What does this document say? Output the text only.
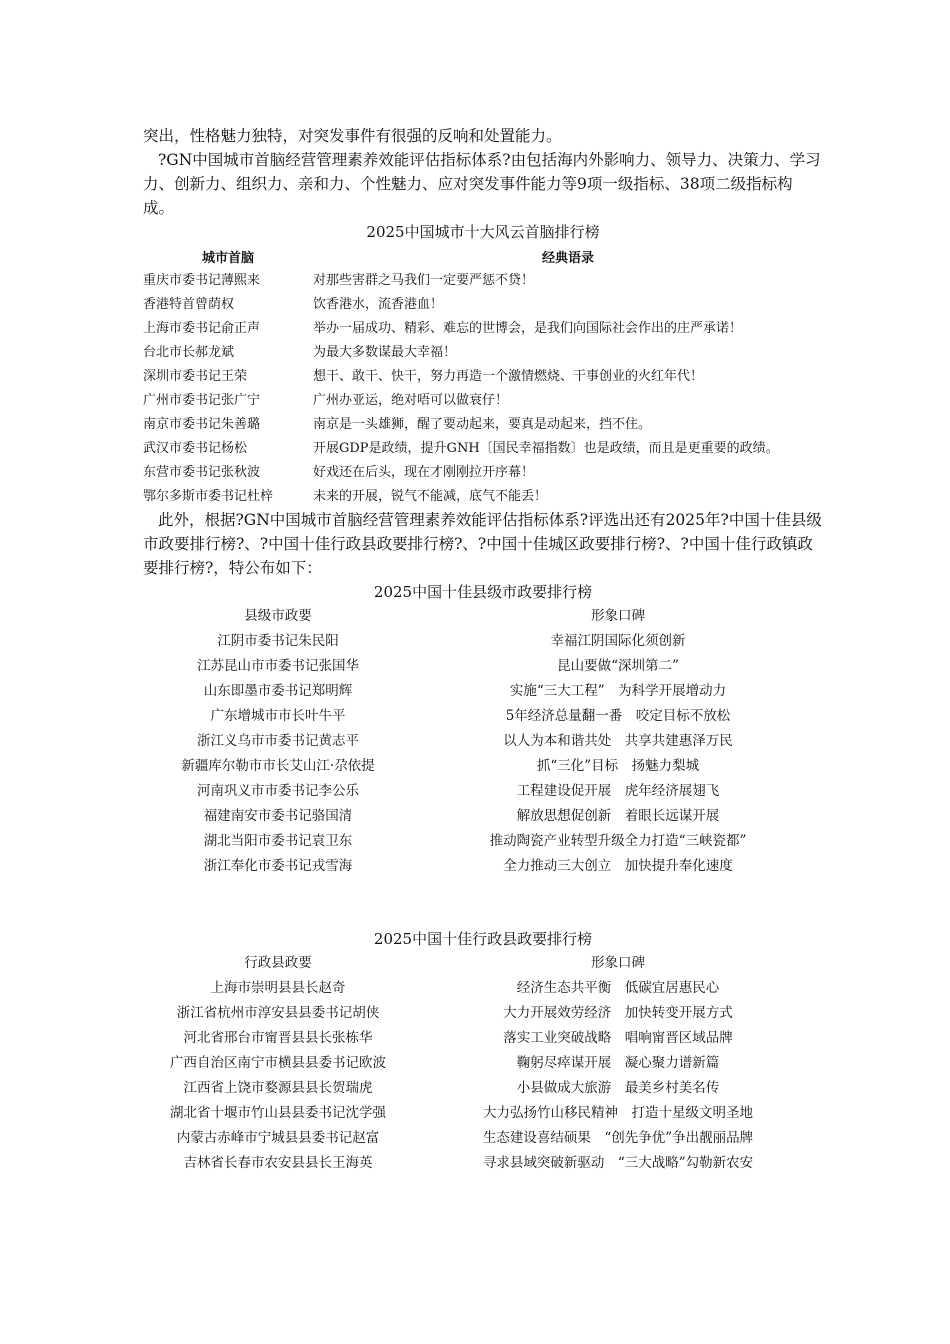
突出，性格魅力独特，对突发事件有很强的反响和处置能力。

?GN中国城市首脑经营管理素养效能评估指标体系?由包括海内外影响力、领导力、决策力、学习力、创新力、组织力、亲和力、个性魅力、应对突发事件能力等9项一级指标、38项二级指标构成。

2025中国城市十大风云首脑排行榜

城市首脑	经典语录
重庆市委书记薄熙来	对那些害群之马我们一定要严惩不贷！
香港特首曾荫权	饮香港水，流香港血！
上海市委书记俞正声	举办一届成功、精彩、难忘的世博会，是我们向国际社会作出的庄严承诺！
台北市长郝龙斌	为最大多数谋最大幸福！
深圳市委书记王荣	想干、敢干、快干，努力再造一个激情燃烧、干事创业的火红年代！
广州市委书记张广宁	广州办亚运，绝对唔可以做衰仔！
南京市委书记朱善璐	南京是一头雄狮，醒了要动起来，要真是动起来，挡不住。
武汉市委书记杨松	开展GDP是政绩，提升GNH〔国民幸福指数〕也是政绩，而且是更重要的政绩。
东营市委书记张秋波	好戏还在后头，现在才刚刚拉开序幕！
鄂尔多斯市委书记杜梓	未来的开展，锐气不能减，底气不能丢！

此外，根据?GN中国城市首脑经营管理素养效能评估指标体系?评选出还有2025年?中国十佳县级市政要排行榜?、?中国十佳行政县政要排行榜?、?中国十佳城区政要排行榜?、?中国十佳行政镇政要排行榜?，特公布如下：

2025中国十佳县级市政要排行榜

县级市政要	形象口碑
江阴市委书记朱民阳	幸福江阴国际化须创新
江苏昆山市市委书记张国华	昆山要做“深圳第二”
山东即墨市委书记郑明辉	实施“三大工程”　为科学开展增动力
广东增城市市长叶牛平	5年经济总量翻一番　咬定目标不放松
浙江义乌市市委书记黄志平	以人为本和谐共处　共享共建惠泽万民
新疆库尔勒市市长艾山江·尕依提	抓“三化”目标　扬魅力梨城
河南巩义市市委书记李公乐	工程建设促开展　虎年经济展翅飞
福建南安市委书记骆国清	解放思想促创新　着眼长远谋开展
湖北当阳市委书记袁卫东	推动陶瓷产业转型升级全力打造“三峡瓷都”
浙江奉化市委书记戎雪海	全力推动三大创立　加快提升奉化速度

2025中国十佳行政县政要排行榜

行政县政要	形象口碑
上海市崇明县县长赵奇	经济生态共平衡　低碳宜居惠民心
浙江省杭州市淳安县县委书记胡侠	大力开展效劳经济　加快转变开展方式
河北省邢台市甯晋县县长张栋华	落实工业突破战略　唱响甯晋区域品牌
广西自治区南宁市横县县委书记欧波	鞠躬尽瘁谋开展　凝心聚力谱新篇
江西省上饶市婺源县县长贺瑞虎	小县做成大旅游　最美乡村美名传
湖北省十堰市竹山县县委书记沈学强	大力弘扬竹山移民精神　打造十星级文明圣地
内蒙古赤峰市宁城县县委书记赵富	生态建设喜结硕果　“创先争优”争出靓丽品牌
吉林省长春市农安县县长王海英	寻求县域突破新驱动　“三大战略”勾勒新农安
